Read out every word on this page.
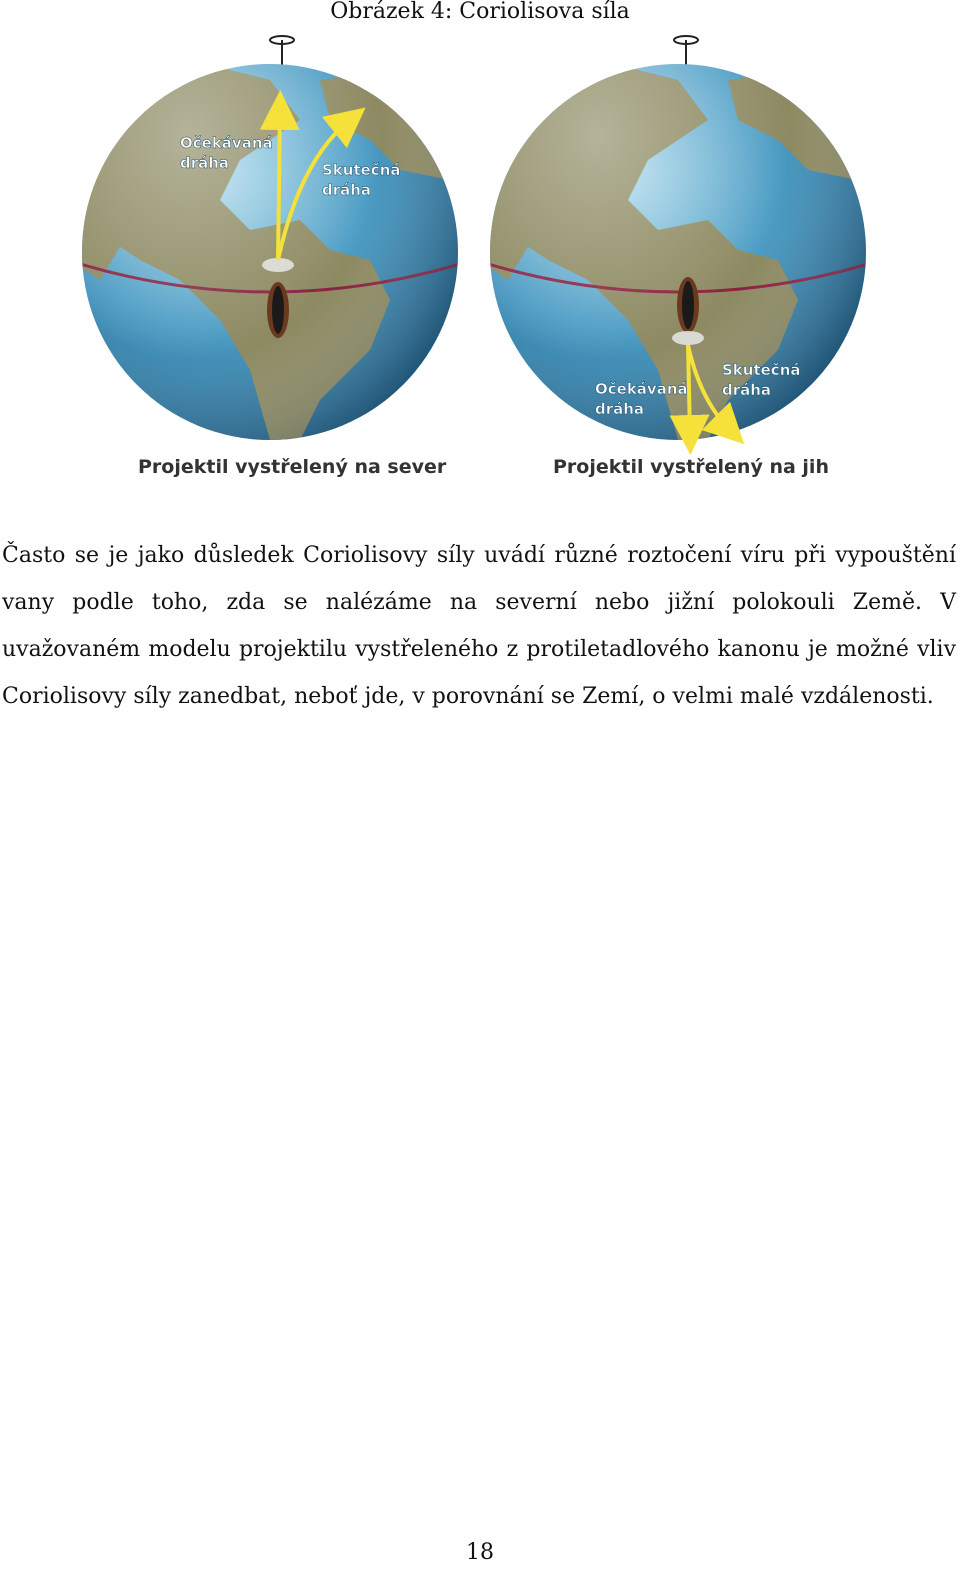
Obrázek 4: Coriolisova síla
Očekávaná
dráha	Skutečná
dráha
Projektil vystřelený na sever
Očekávaná
dráha
Skutečná
dráha
Projektil vystřelený na jih

Často se je jako důsledek Coriolisovy síly uvádí různé roztočení víru při vypouštění vany podle toho, zda se nalézáme na severní nebo jižní polokouli Země. V uvažovaném modelu projektilu vystřeleného z protiletadlového kanonu je možné vliv Coriolisovy síly zanedbat, neboť jde, v porovnání se Zemí, o velmi malé vzdálenosti.

18
